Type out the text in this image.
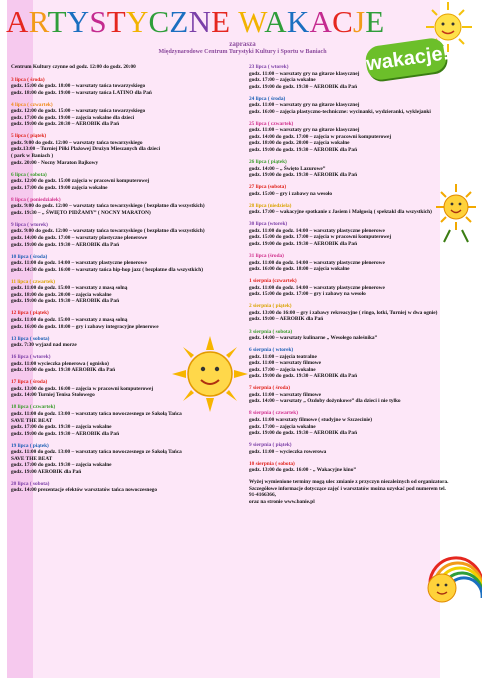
ARTYSTYCZNE WAKACJE
zaprasza
Międzynarodowe Centrum Turystyki Kultury i Sportu w Baniach	wakacje!
Centrum Kultury czynne od godz. 12:00 do godz. 20:00
3 lipca ( środa)
godz. 15:00 do godz. 18:00 – warsztaty tańca towarzyskiego
godz. 18:00 do godz. 19:00 – warsztaty tańca LATINO dla Pań
4 lipca ( czwartek)
godz. 12:00 do godz. 15:00 – warsztaty tańca towarzyskiego
godz. 17:00 do godz. 19:00 – zajęcia wokalne dla dzieci
godz. 19:00 do godz. 20:30 – AEROBIK dla Pań
5 lipca ( piątek)
godz. 9:00 do godz. 12:00 – warsztaty tańca towarzyskiego
godz.13:00 – Turniej Piłki Plażowej Drużyn Mieszanych dla dzieci
( park w Baniach )
godz. 20:00 - Nocny Maraton Bajkowy
6 lipca ( sobota)
godz. 12:00 do godz. 15:00 zajęcia w pracowni komputerowej
godz. 17:00 do godz. 19:00 zajęcia wokalne
8 lipca ( poniedziałek)
godz. 9:00 do godz. 12:00 – warsztaty tańca towarzyskiego ( bezpłatne dla wszystkich)
godz. 19:30 – „ ŚWIĘTO PIDŻAMY” ( NOCNY MARATON)
9 lipca ( wtorek)
godz. 9:00 do godz. 12:00 – warsztaty tańca towarzyskiego ( bezpłatne dla wszystkich)
godz. 14:00 do godz. 17:00 – warsztaty plastyczne plenerowe
godz. 19:00 do godz. 19:30 – AEROBIK dla Pań
10 lipca ( środa)
godz. 11:00 do godz. 14:00 – warsztaty plastyczne plenerowe
godz. 14:30 do godz. 16:00 – warsztaty tańca hip-hop jazz ( bezpłatne dla wszystkich)
11 lipca ( czwartek)
godz. 11:00 do godz. 15:00 – warsztaty z masą solną
godz. 18:00 do godz. 20:00 – zajęcia wokalne
godz. 19:00 do godz. 19:30 – AEROBIK dla Pań
12 lipca ( piątek)
godz. 11:00 do godz. 15:00 – warsztaty z masą solną
godz. 16:00 do godz. 18:00 – gry i zabawy integracyjne plenerowe
13 lipca ( sobota)
godz. 7:30 wyjazd nad morze
16 lipca ( wtorek)
godz. 11:00 wycieczka plenerowa ( ognisko)
godz. 19:00 do godz. 19:30 AEROBIK dla Pań
17 lipca ( środa)
godz. 13:00 do godz. 16:00 – zajęcia w pracowni komputerowej
godz. 14:00 Turniej Tenisa Stołowego
18 lipca ( czwartek)
godz. 11:00 do godz. 13:00 – warsztaty tańca nowoczesnego ze Sakołą Tańca
SAVE THE BEAT
godz. 17:00 do godz. 19:30 – zajęcia wokalne
godz. 19:00 do godz. 19:30 – AEROBIK dla Pań
19 lipca ( piątek)
godz. 11:00 do godz. 13:00 – warsztaty tańca nowoczesnego ze Sakołą Tańca
SAVE THE BEAT
godz. 17:00 do godz. 19:30 – zajęcia wokalne
godz. 19:00 AEROBIK dla Pań
20 lipca ( sobota)
godz. 14:00 prezentacje efektów warsztatów tańca nowoczesnego
23 lipca ( wtorek)
godz. 11:00 – warsztaty gry na gitarze klasycznej
godz. 17:00 – zajęcia wokalne
godz. 19:00 do godz. 19:30 – AEROBIK dla Pań
24 lipca ( środa)
godz. 11:00 – warsztaty gry na gitarze klasycznej
godz. 16:00 – zajęcia plastyczno-techniczne: wycinanki, wydzieranki, wyklejanki
25 lipca ( czwartek)
godz. 11:00 – warsztaty gry na gitarze klasycznej
godz. 14:00 do godz. 17:00 – zajęcia w pracowni komputerowej
godz. 18:00 do godz. 20:00 – zajęcia wokalne
godz. 19:00 do godz. 19:30 – AEROBIK dla Pań
26 lipca ( piątek)
godz. 14:00 – „ Święto Lazurowe”
godz. 19:00 do godz. 19:30 – AEROBIK dla Pań
27 lipca (sobota)
godz. 15:00 – gry i zabawy na wesoło
28 lipca (niedziela)
godz. 17:00 – wakacyjne spotkanie z Jasiem i Małgosią ( spektakl dla wszystkich)
30 lipca (wtorek)
godz. 11:00 do godz. 14:00 – warsztaty plastyczne plenerowe
godz. 15:00 do godz. 17:00 – zajęcia w pracowni komputerowej
godz. 19:00 do godz. 19:30 – AEROBIK dla Pań
31 lipca (środa)
godz. 11:00 do godz. 14:00 – warsztaty plastyczne plenerowe
godz. 16:00 do godz. 18:00 – zajęcia wokalne
1 sierpnia (czwartek)
godz. 11:00 do godz. 14:00 – warsztaty plastyczne plenerowe
godz. 15:00 do godz. 17:00 – gry i zabawy na wesoło
2 sierpnia ( piątek)
godz. 13:00 do 16:00 – gry i zabawy rekreacyjne ( ringo, lotki, Turniej w dwa ognie)
godz. 19:00 – AEROBIK dla Pań
3 sierpnia ( sobota)
godz. 14:00 – warsztaty kulinarne „ Wesołego naleśnika”
6 sierpnia ( wtorek)
godz. 11:00 – zajęcia teatralne
godz. 11:00 – warsztaty filmowe
godz. 17:00 – zajęcia wokalne
godz. 19:00 do godz. 19:30 – AEROBIK dla Pań
7 sierpnia ( środa)
godz. 11:00 – warsztaty filmowe
godz. 14:00 – warsztaty „ Ozdoby dożynkowe” dla dzieci i nie tylko
8 sierpnia ( czwartek)
godz. 11:00 warsztaty filmowe ( studyjne w Szczecinie)
godz. 17:00 – zajęcia wokalne
godz. 19:00 do godz. 19:30 – AEROBIK dla Pań
9 sierpnia ( piątek)
godz. 11:00 – wycieczka rowerowa
10 sierpnia ( sobota)
godz. 13:00 do godz. 16:00 - „ Wakacyjne kino”
Wyżej wymienione terminy mogą ulec zmianie z przyczyn niezależnych od organizatora.
Szczegółowe informacje dotyczące zajęć i warsztatów można uzyskać pod numerem tel. 91-4166366,
oraz na stronie www.banie.pl
